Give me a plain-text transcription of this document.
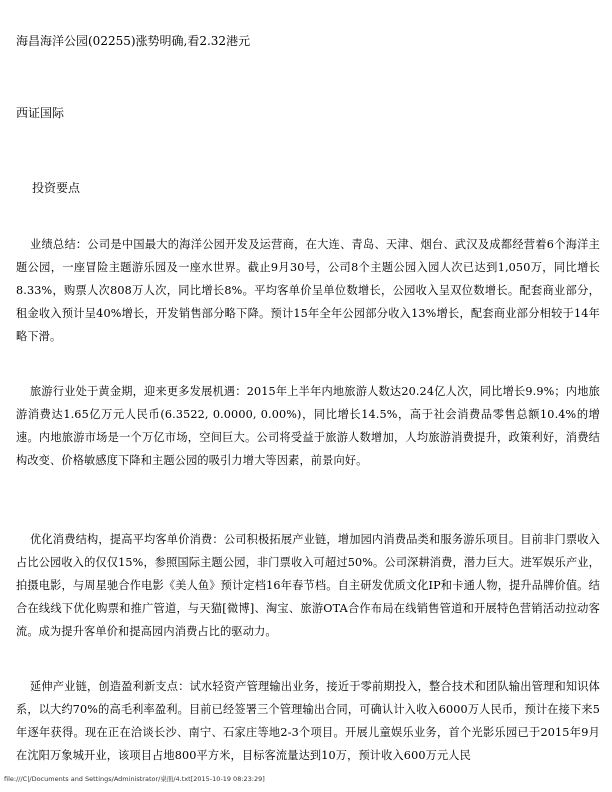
海昌海洋公园(02255)涨势明确,看2.32港元
西证国际
投资要点
业绩总结：公司是中国最大的海洋公园开发及运营商，在大连、青岛、天津、烟台、武汉及成都经营着6个海洋主题公园，一座冒险主题游乐园及一座水世界。截止9月30号，公司8个主题公园入园人次已达到1,050万，同比增长8.33%，购票人次808万人次，同比增长8%。平均客单价呈单位数增长，公园收入呈双位数增长。配套商业部分，租金收入预计呈40%增长，开发销售部分略下降。预计15年全年公园部分收入13%增长，配套商业部分相较于14年略下滑。
旅游行业处于黄金期，迎来更多发展机遇：2015年上半年内地旅游人数达20.24亿人次，同比增长9.9%；内地旅游消费达1.65亿万元人民币(6.3522, 0.0000, 0.00%)，同比增长14.5%，高于社会消费品零售总额10.4%的增速。内地旅游市场是一个万亿市场，空间巨大。公司将受益于旅游人数增加，人均旅游消费提升，政策利好，消费结构改变、价格敏感度下降和主题公园的吸引力增大等因素，前景向好。
优化消费结构，提高平均客单价消费：公司积极拓展产业链，增加园内消费品类和服务游乐项目。目前非门票收入占比公园收入的仅仅15%，参照国际主题公园，非门票收入可超过50%。公司深耕消费，潜力巨大。进军娱乐产业，拍摄电影，与周星驰合作电影《美人鱼》预计定档16年春节档。自主研发优质文化IP和卡通人物，提升品牌价值。结合在线线下优化购票和推广管道，与天猫[微博]、淘宝、旅游OTA合作布局在线销售管道和开展特色营销活动拉动客流。成为提升客单价和提高园内消费占比的驱动力。
延伸产业链，创造盈利新支点：试水轻资产管理输出业务，接近于零前期投入，整合技术和团队输出管理和知识体系，以大约70%的高毛利率盈利。目前已经签署三个管理输出合同，可确认计入收入6000万人民币，预计在接下来5年逐年获得。现在正在洽谈长沙、南宁、石家庄等地2-3个项目。开展儿童娱乐业务，首个光影乐园已于2015年9月在沈阳万象城开业，该项目占地800平方米，目标客流量达到10万，预计收入600万元人民
file:///C|/Documents and Settings/Administrator/桌面/4.txt[2015-10-19 08:23:29]
